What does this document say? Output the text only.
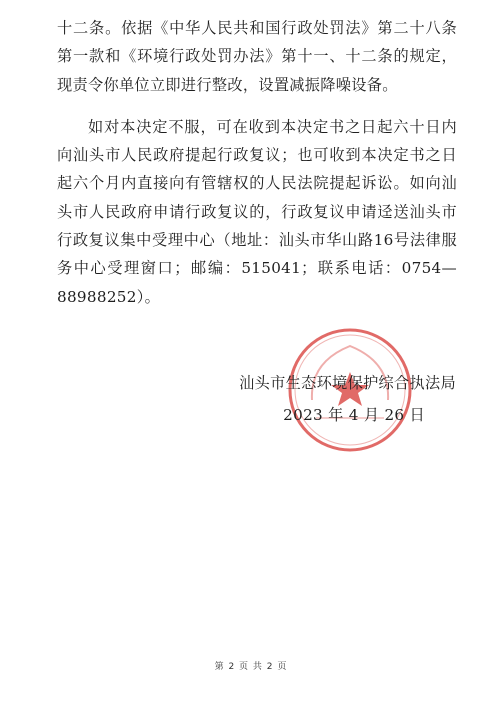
十二条。依据《中华人民共和国行政处罚法》第二十八条第一款和《环境行政处罚办法》第十一、十二条的规定，现责令你单位立即进行整改，设置减振降噪设备。

如对本决定不服，可在收到本决定书之日起六十日内向汕头市人民政府提起行政复议；也可收到本决定书之日起六个月内直接向有管辖权的人民法院提起诉讼。如向汕头市人民政府申请行政复议的，行政复议申请迳送汕头市行政复议集中受理中心（地址：汕头市华山路16号法律服务中心受理窗口；邮编：515041；联系电话：0754—88988252）。

汕头市生态环境保护综合执法局
2023 年 4 月 26 日
第 2 页 共 2 页
